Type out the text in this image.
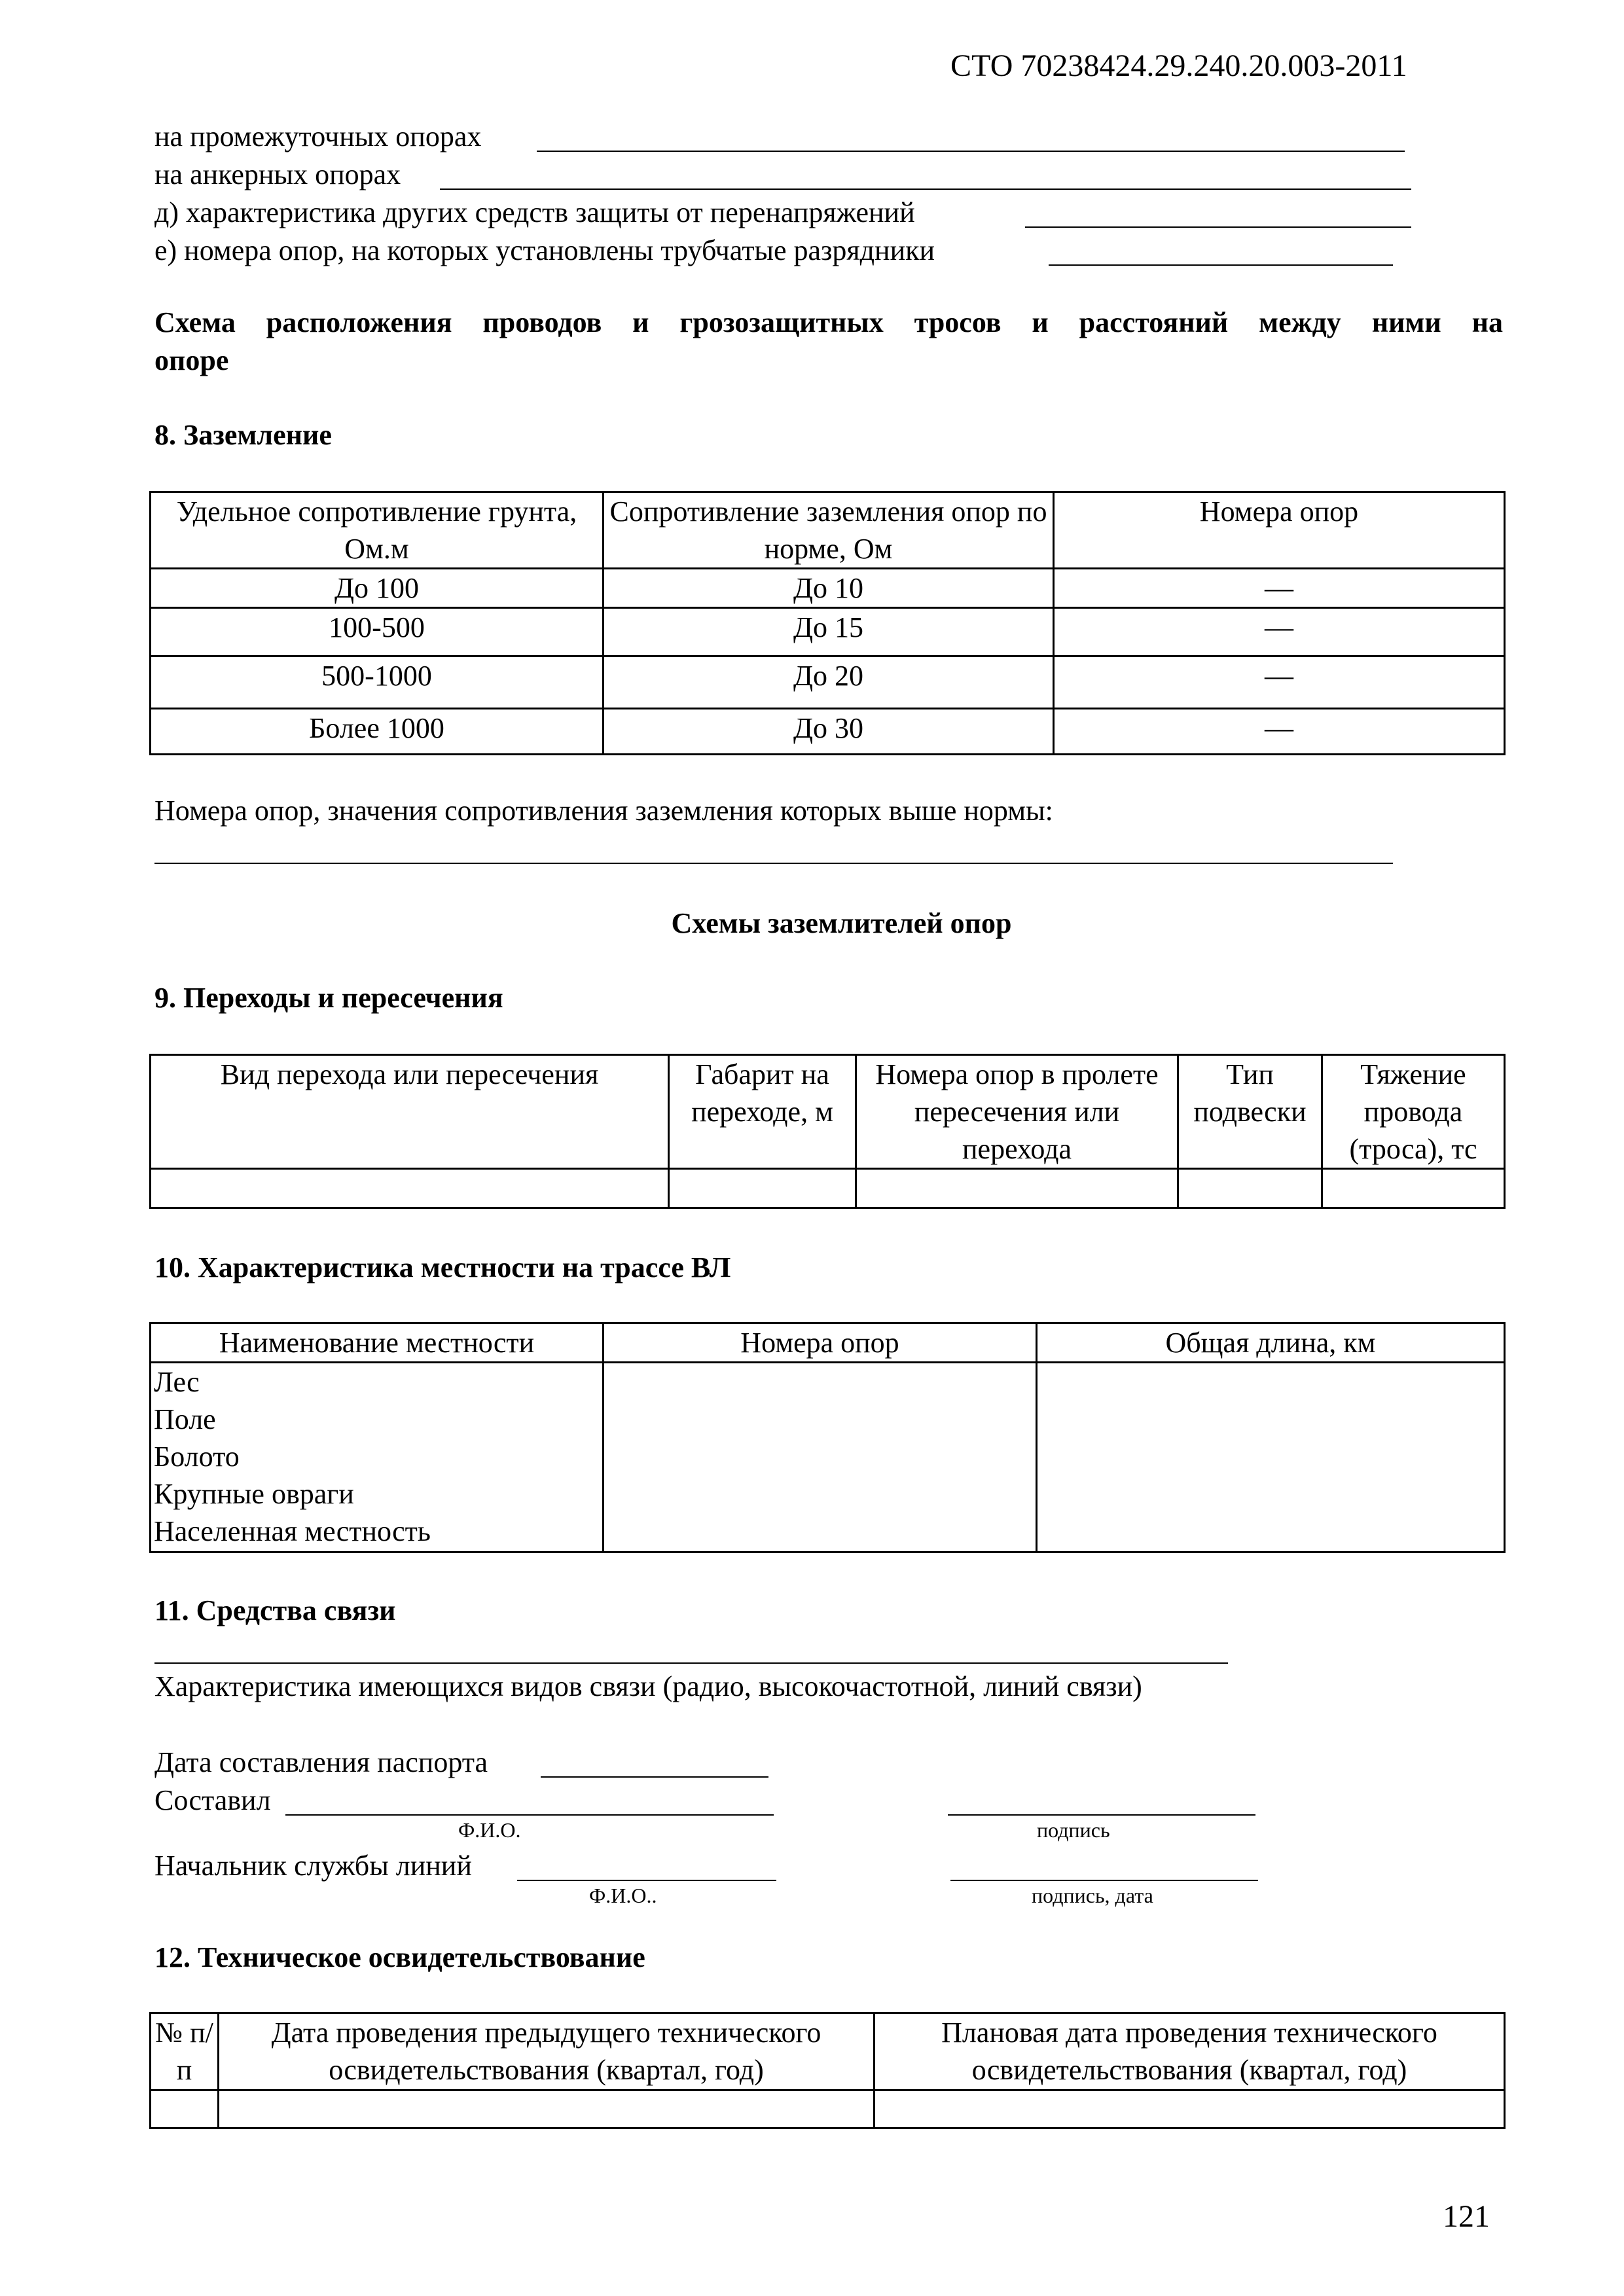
СТО 70238424.29.240.20.003-2011
на промежуточных опорах
на анкерных опорах
д) характеристика других средств защиты от перенапряжений
е) номера опор, на которых установлены трубчатые разрядники
Схема расположения проводов и грозозащитных тросов и расстояний между ними на
опоре
8. Заземление
Удельное сопротивление грунта, Ом.м	Сопротивление заземления опор по норме, Ом	Номера опор
До 100	До 10	—
100-500	До 15	—
500-1000	До 20	—
Более 1000	До 30	—
Номера опор, значения сопротивления заземления которых выше нормы:
Схемы заземлителей опор
9. Переходы и пересечения
Вид перехода или пересечения	Габарит на переходе, м	Номера опор в пролете пересечения или перехода	Тип подвески	Тяжение провода (троса), тс

10. Характеристика местности на трассе ВЛ
Наименование местности	Номера опор	Общая длина, км

Лес
Поле
Болото
Крупные овраги
Населенная местность		

11. Средства связи
Характеристика имеющихся видов связи (радио, высокочастотной, линий связи)
Дата составления паспорта
Составил
Ф.И.О.	подпись
Начальник службы линий
Ф.И.О..	подпись, дата
12. Техническое освидетельствование
№ п/п	Дата проведения предыдущего технического освидетельствования (квартал, год)	Плановая дата проведения технического освидетельствования (квартал, год)

121
